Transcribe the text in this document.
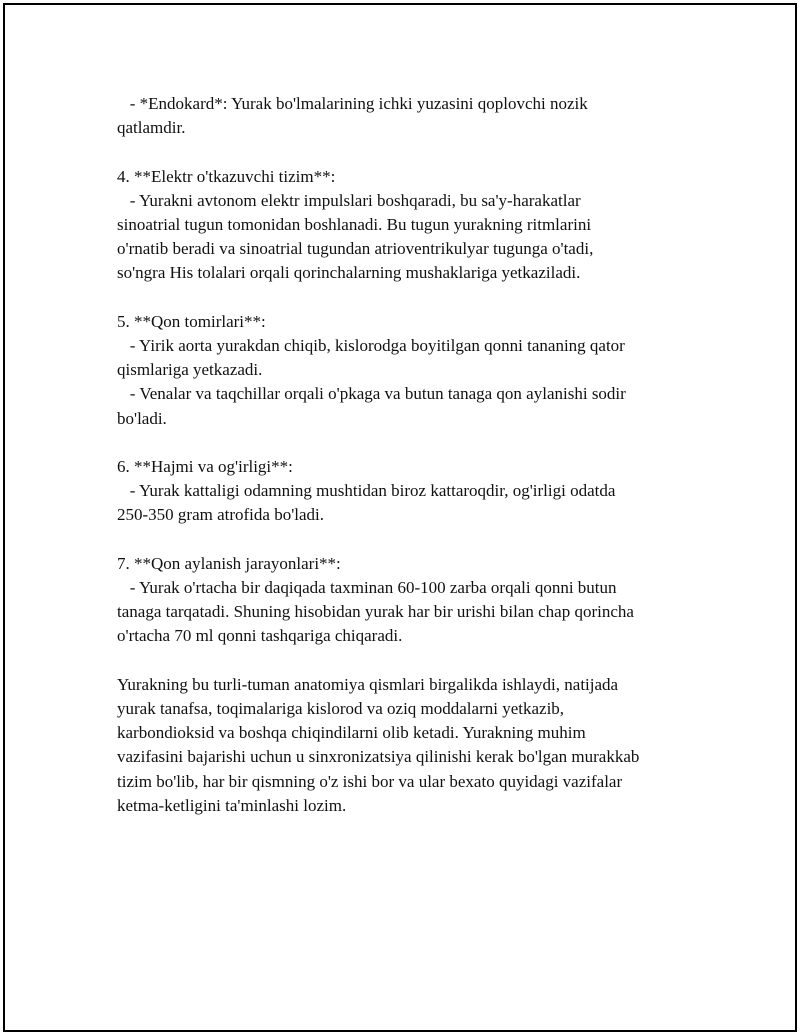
- *Endokard*: Yurak bo'lmalarining ichki yuzasini qoplovchi nozik
qatlamdir.

4. **Elektr o'tkazuvchi tizim**:
- Yurakni avtonom elektr impulslari boshqaradi, bu sa'y-harakatlar
sinoatrial tugun tomonidan boshlanadi. Bu tugun yurakning ritmlarini
o'rnatib beradi va sinoatrial tugundan atrioventrikulyar tugunga o'tadi,
so'ngra His tolalari orqali qorinchalarning mushaklariga yetkaziladi.

5. **Qon tomirlari**:
- Yirik aorta yurakdan chiqib, kislorodga boyitilgan qonni tananing qator
qismlariga yetkazadi.
- Venalar va taqchillar orqali o'pkaga va butun tanaga qon aylanishi sodir
bo'ladi.

6. **Hajmi va og'irligi**:
- Yurak kattaligi odamning mushtidan biroz kattaroqdir, og'irligi odatda
250-350 gram atrofida bo'ladi.

7. **Qon aylanish jarayonlari**:
- Yurak o'rtacha bir daqiqada taxminan 60-100 zarba orqali qonni butun
tanaga tarqatadi. Shuning hisobidan yurak har bir urishi bilan chap qorincha
o'rtacha 70 ml qonni tashqariga chiqaradi.

Yurakning bu turli-tuman anatomiya qismlari birgalikda ishlaydi, natijada
yurak tanafsa, toqimalariga kislorod va oziq moddalarni yetkazib,
karbondioksid va boshqa chiqindilarni olib ketadi. Yurakning muhim
vazifasini bajarishi uchun u sinxronizatsiya qilinishi kerak bo'lgan murakkab
tizim bo'lib, har bir qismning o'z ishi bor va ular bexato quyidagi vazifalar
ketma-ketligini ta'minlashi lozim.
